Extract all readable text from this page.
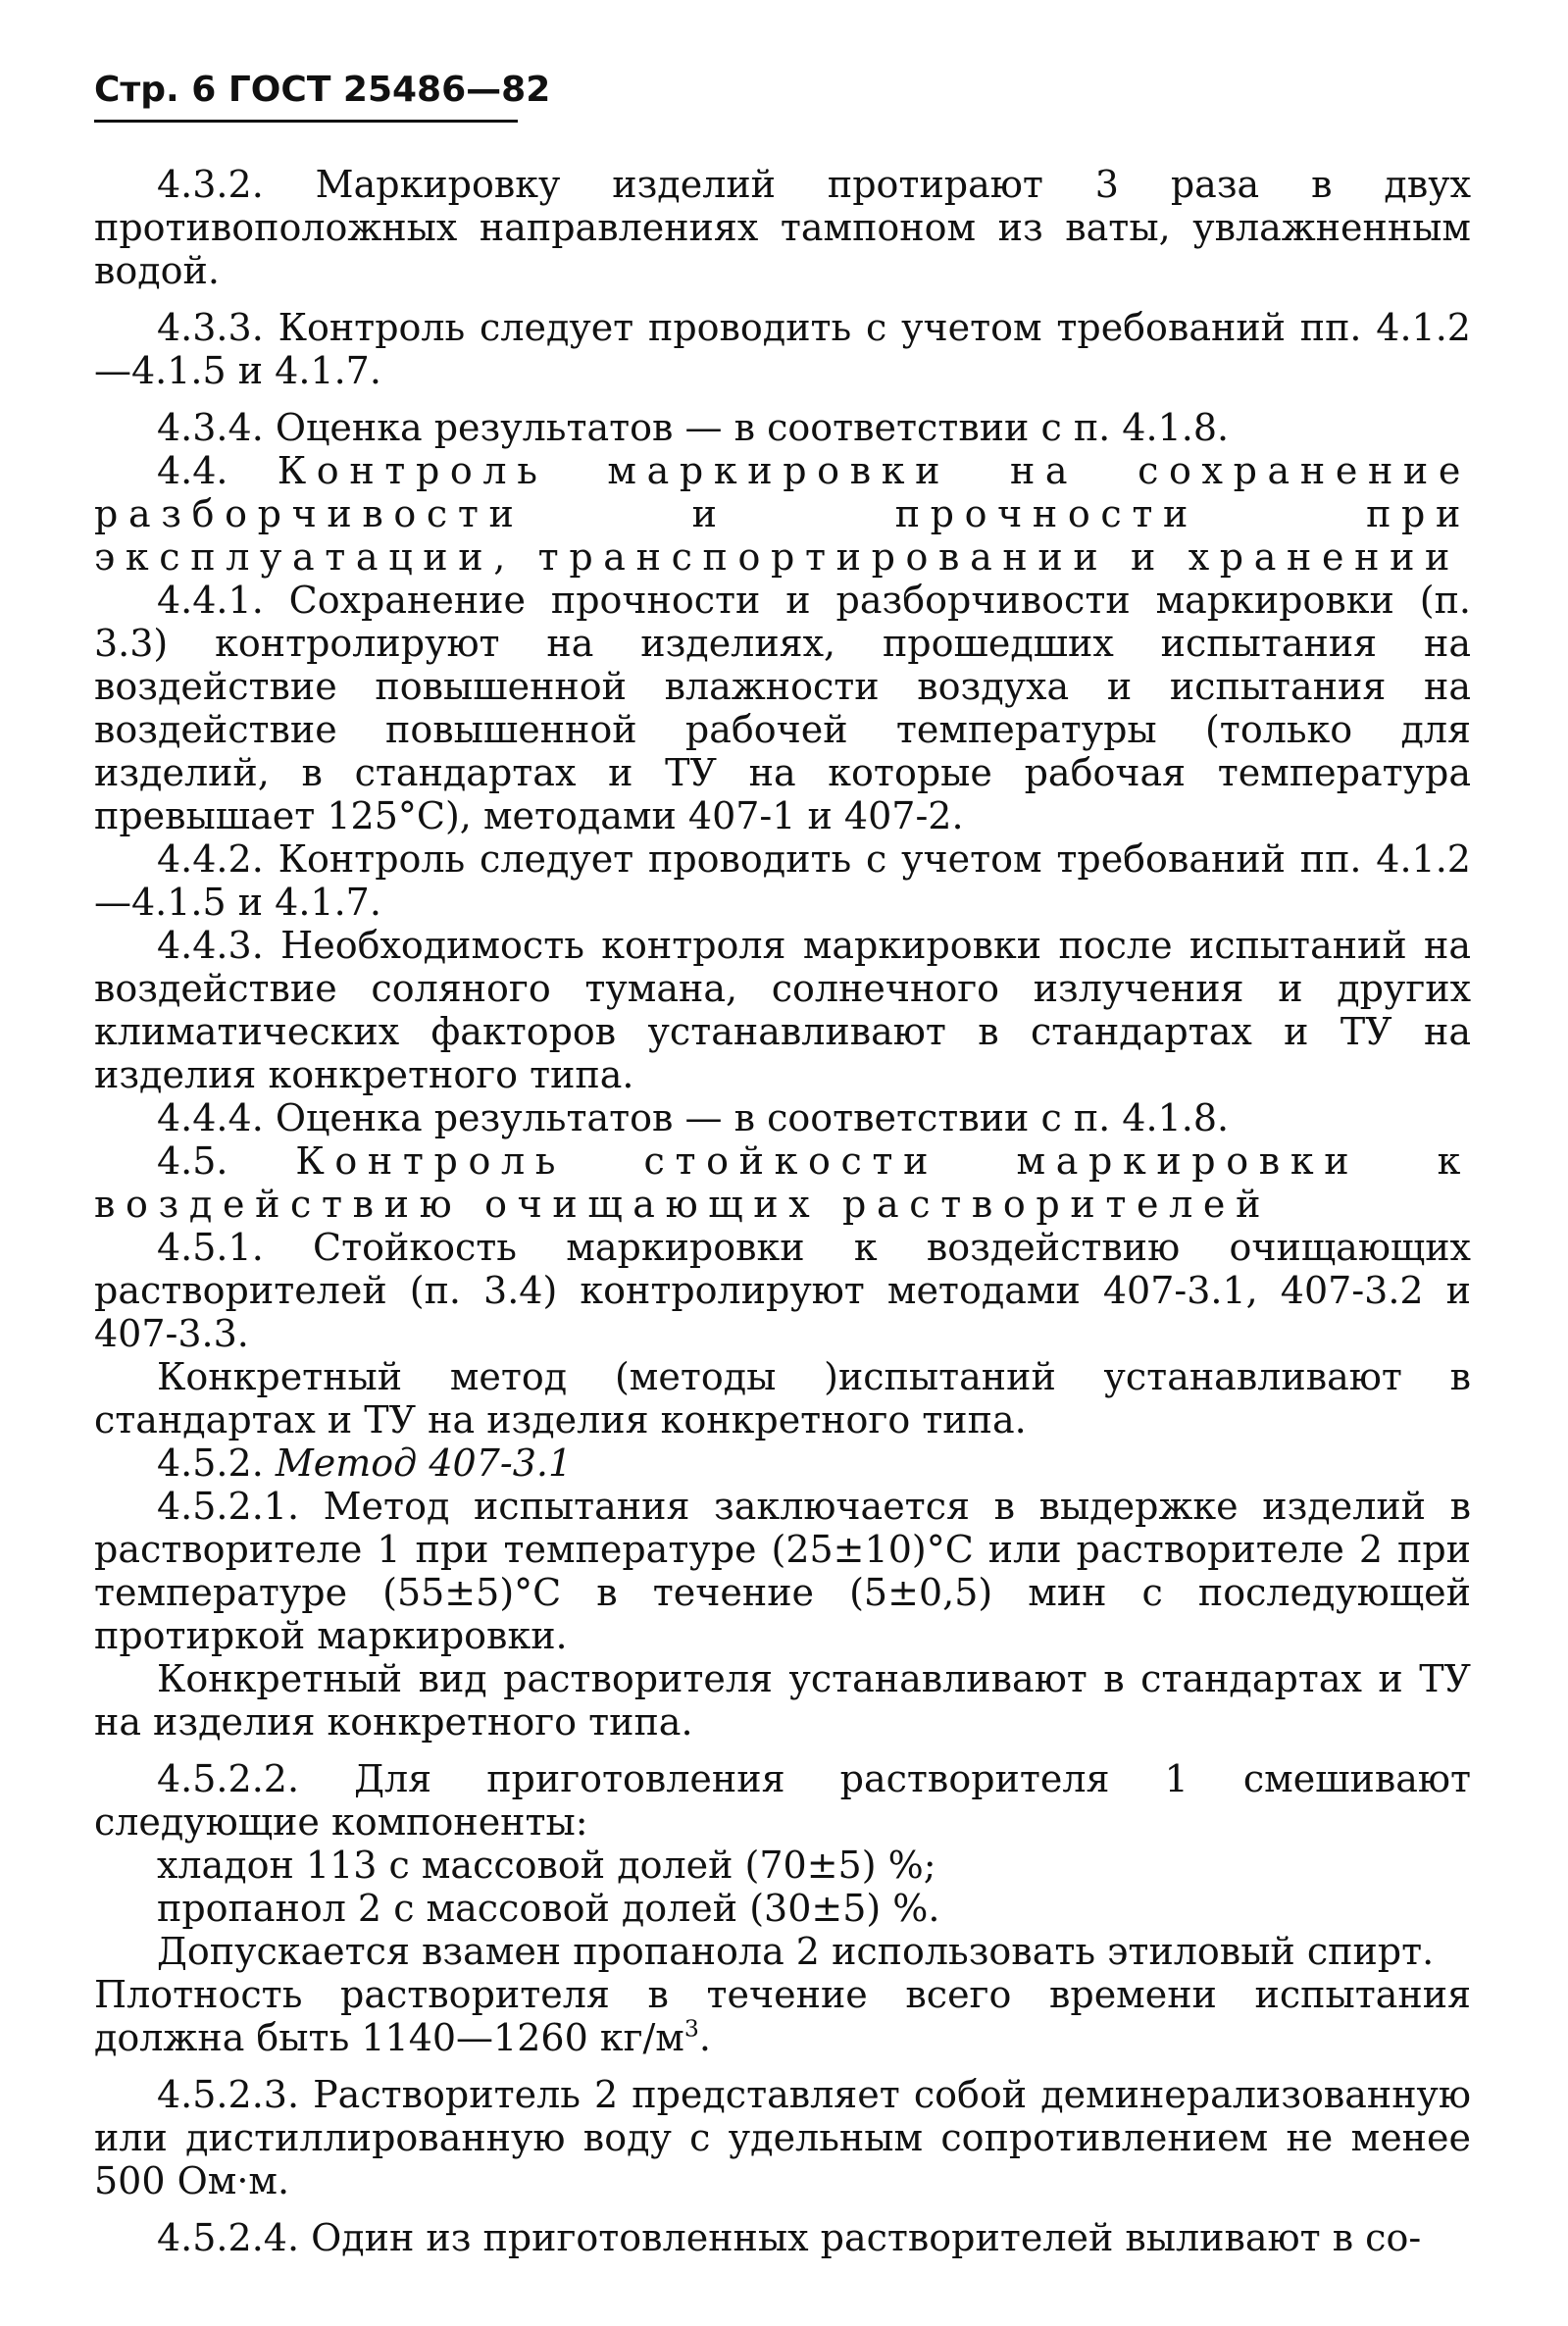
Стр. 6 ГОСТ 25486—82

4.3.2. Маркировку изделий протирают 3 раза в двух противоположных направлениях тампоном из ваты, увлажненным водой.

4.3.3. Контроль следует проводить с учетом требований пп. 4.1.2—4.1.5 и 4.1.7.

4.3.4. Оценка результатов — в соответствии с п. 4.1.8.

4.4. Контроль маркировки на сохранение разборчивости и прочности при эксплуатации, транспортировании и хранении

4.4.1. Сохранение прочности и разборчивости маркировки (п. 3.3) контролируют на изделиях, прошедших испытания на воздействие повышенной влажности воздуха и испытания на воздействие повышенной рабочей температуры (только для изделий, в стандартах и ТУ на которые рабочая температура превышает 125°С), методами 407-1 и 407-2.

4.4.2. Контроль следует проводить с учетом требований пп. 4.1.2—4.1.5 и 4.1.7.

4.4.3. Необходимость контроля маркировки после испытаний на воздействие соляного тумана, солнечного излучения и других климатических факторов устанавливают в стандартах и ТУ на изделия конкретного типа.

4.4.4. Оценка результатов — в соответствии с п. 4.1.8.

4.5. Контроль стойкости маркировки к воздействию очищающих растворителей

4.5.1. Стойкость маркировки к воздействию очищающих растворителей (п. 3.4) контролируют методами 407-3.1, 407-3.2 и 407-3.3.

Конкретный метод (методы )испытаний устанавливают в стандартах и ТУ на изделия конкретного типа.

4.5.2. Метод 407-3.1

4.5.2.1. Метод испытания заключается в выдержке изделий в растворителе 1 при температуре (25±10)°С или растворителе 2 при температуре (55±5)°С в течение (5±0,5) мин с последующей протиркой маркировки.

Конкретный вид растворителя устанавливают в стандартах и ТУ на изделия конкретного типа.

4.5.2.2. Для приготовления растворителя 1 смешивают следующие компоненты:

хладон 113 с массовой долей (70±5) %;

пропанол 2 с массовой долей (30±5) %.

Допускается взамен пропанола 2 использовать этиловый спирт.

Плотность растворителя в течение всего времени испытания должна быть 1140—1260 $кг/м^3$.

4.5.2.3. Растворитель 2 представляет собой деминерализованную или дистиллированную воду с удельным сопротивлением не менее 500 Ом·м.

4.5.2.4. Один из приготовленных растворителей выливают в со-
